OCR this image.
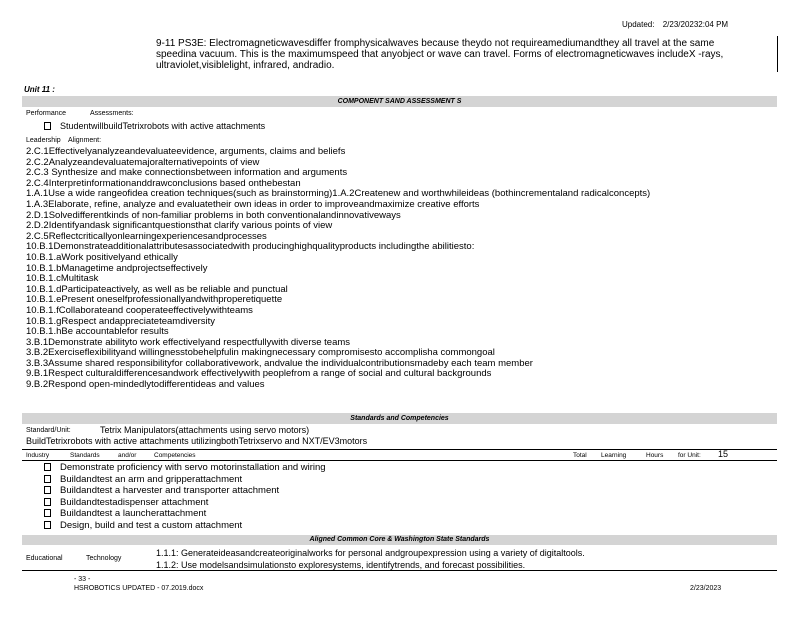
Updated: 2/23/20232:04 PM
9-11 PS3E: Electromagneticwavesdiffer fromphysicalwaves because theydo not requireamediumandthey all travel at the same
speedina vacuum. This is the maximumspeed that anyobject or wave can travel. Forms of electromagneticwaves includeX -rays,
ultraviolet,visiblelight, infrared, andradio.
Unit 11 :
COMPONENT SAND ASSESSMENT S
Performance	Assessments:
StudentwillbuildTetrixrobots with active attachments
Leadership Alignment:
2.C.1Effectivelyanalyzeandevaluateevidence, arguments, claims and beliefs
2.C.2Analyzeandevaluatemajoralternativepoints of view
2.C.3 Synthesize and make connectionsbetween information and arguments
2.C.4Interpretinformationanddrawconclusions based onthebestan
1.A.1Use a wide rangeofidea creation techniques(such as brainstorming)1.A.2Createnew and worthwhileideas (bothincrementaland radicalconcepts)
1.A.3Elaborate, refine, analyze and evaluatetheir own ideas in order to improveandmaximize creative efforts
2.D.1Solvedifferentkinds of non-familiar problems in both conventionalandinnovativeways
2.D.2Identifyandask significantquestionsthat clarify various points of view
2.C.5Reflectcriticallyonlearningexperiencesandprocesses
10.B.1Demonstrateadditionalattributesassociatedwith producinghighqualityproducts includingthe abilitiesto:
10.B.1.aWork positivelyand ethically
10.B.1.bManagetime andprojectseffectively
10.B.1.cMultitask
10.B.1.dParticipateactively, as well as be reliable and punctual
10.B.1.ePresent oneselfprofessionallyandwithproperetiquette
10.B.1.fCollaborateand cooperateeffectivelywithteams
10.B.1.gRespect andappreciateteamdiversity
10.B.1.hBe accountablefor results
3.B.1Demonstrate abilityto work effectivelyand respectfullywith diverse teams
3.B.2Exerciseflexibilityand willingnesstobehelpfulin makingnecessary compromisesto accomplisha commongoal
3.B.3Assume shared responsibilityfor collaborativework, andvalue the individualcontributionsmadeby each team member
9.B.1Respect culturaldifferencesandwork effectivelywith peoplefrom a range of social and cultural backgrounds
9.B.2Respond open-mindedlytodifferentideas and values
Standards and Competencies
Standard/Unit:	Tetrix Manipulators(attachments using servo motors)
BuildTetrixrobots with active attachments utilizingbothTetrixservo and NXT/EV3motors
Industry	Standards	and/or	Competencies	Total Learning	Hours for Unit: 15
Demonstrate proficiency with servo motorinstallation and wiring
Buildandtest an arm and gripperattachment
Buildandtest a harvester and transporter attachment
Buildandtestadispenser attachment
Buildandtest a launcherattachment
Design, build and test a custom attachment
Aligned Common Core & Washington State Standards
Educational	Technology
1.1.1: Generateideasandcreateoriginalworks for personal andgroupexpression using a variety of digitaltools.
1.1.2: Use modelsandsimulationsto exploresystems, identifytrends, and forecast possibilities.
- 33 -
HSROBOTICS UPDATED - 07.2019.docx	2/23/2023
